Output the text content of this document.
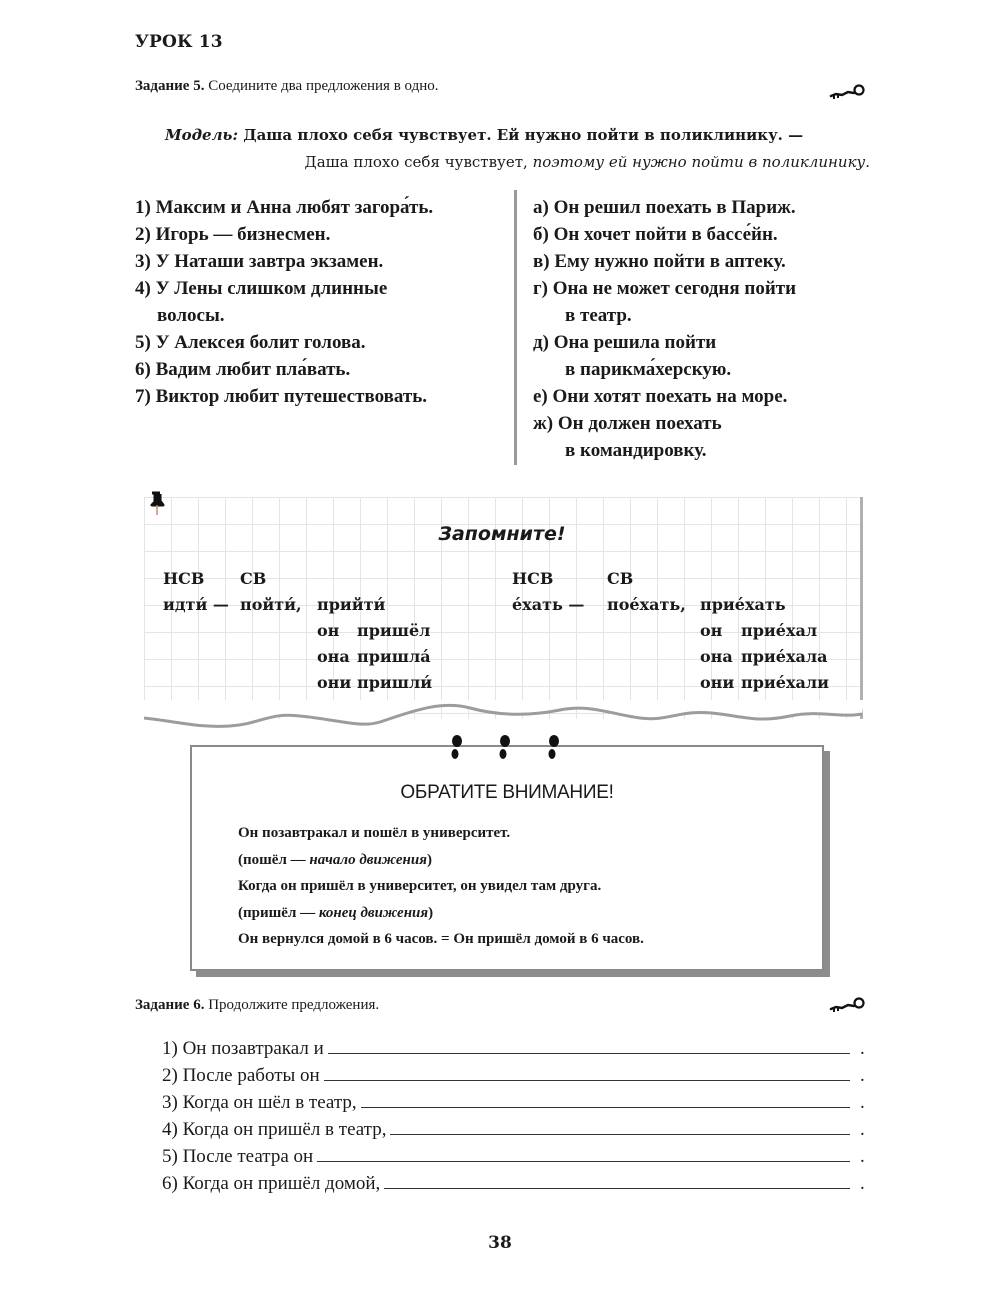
УРОК 13
Задание 5. Соедините два предложения в одно.
Модель: Даша плохо себя чувствует. Ей нужно пойти в поликлинику. —
Даша плохо себя чувствует, поэтому ей нужно пойти в поликлинику.
1) Максим и Анна любят загора́ть.
2) Игорь — бизнесмен.
3) У Наташи завтра экзамен.
4) У Лены слишком длинные
волосы.
5) У Алексея болит голова.
6) Вадим любит пла́вать.
7) Виктор любит путешествовать.
а) Он решил поехать в Париж.
б) Он хочет пойти в бассе́йн.
в) Ему нужно пойти в аптеку.
г) Она не может сегодня пойти
в театр.
д) Она решила пойти
в парикма́херскую.
е) Они хотят поехать на море.
ж) Он должен поехать
в командировку.
Запомните!
НСВ СВ
идти́ — пойти́, прийти́
он пришёл
она пришла́
они пришли́
НСВ	СВ
е́хать — пое́хать, прие́хать
он прие́хал
она прие́хала
они прие́хали
ОБРАТИТЕ ВНИМАНИЕ!
Он позавтракал и пошёл в университет.
(пошёл — начало движения)
Когда он пришёл в университет, он увидел там друга.
(пришёл — конец движения)
Он вернулся домой в 6 часов. = Он пришёл домой в 6 часов.
Задание 6. Продолжите предложения.
1) Он позавтракал и	.
2) После работы он	.
3) Когда он шёл в театр,	.
4) Когда он пришёл в театр,	.
5) После театра он	.
6) Когда он пришёл домой,	.
38
